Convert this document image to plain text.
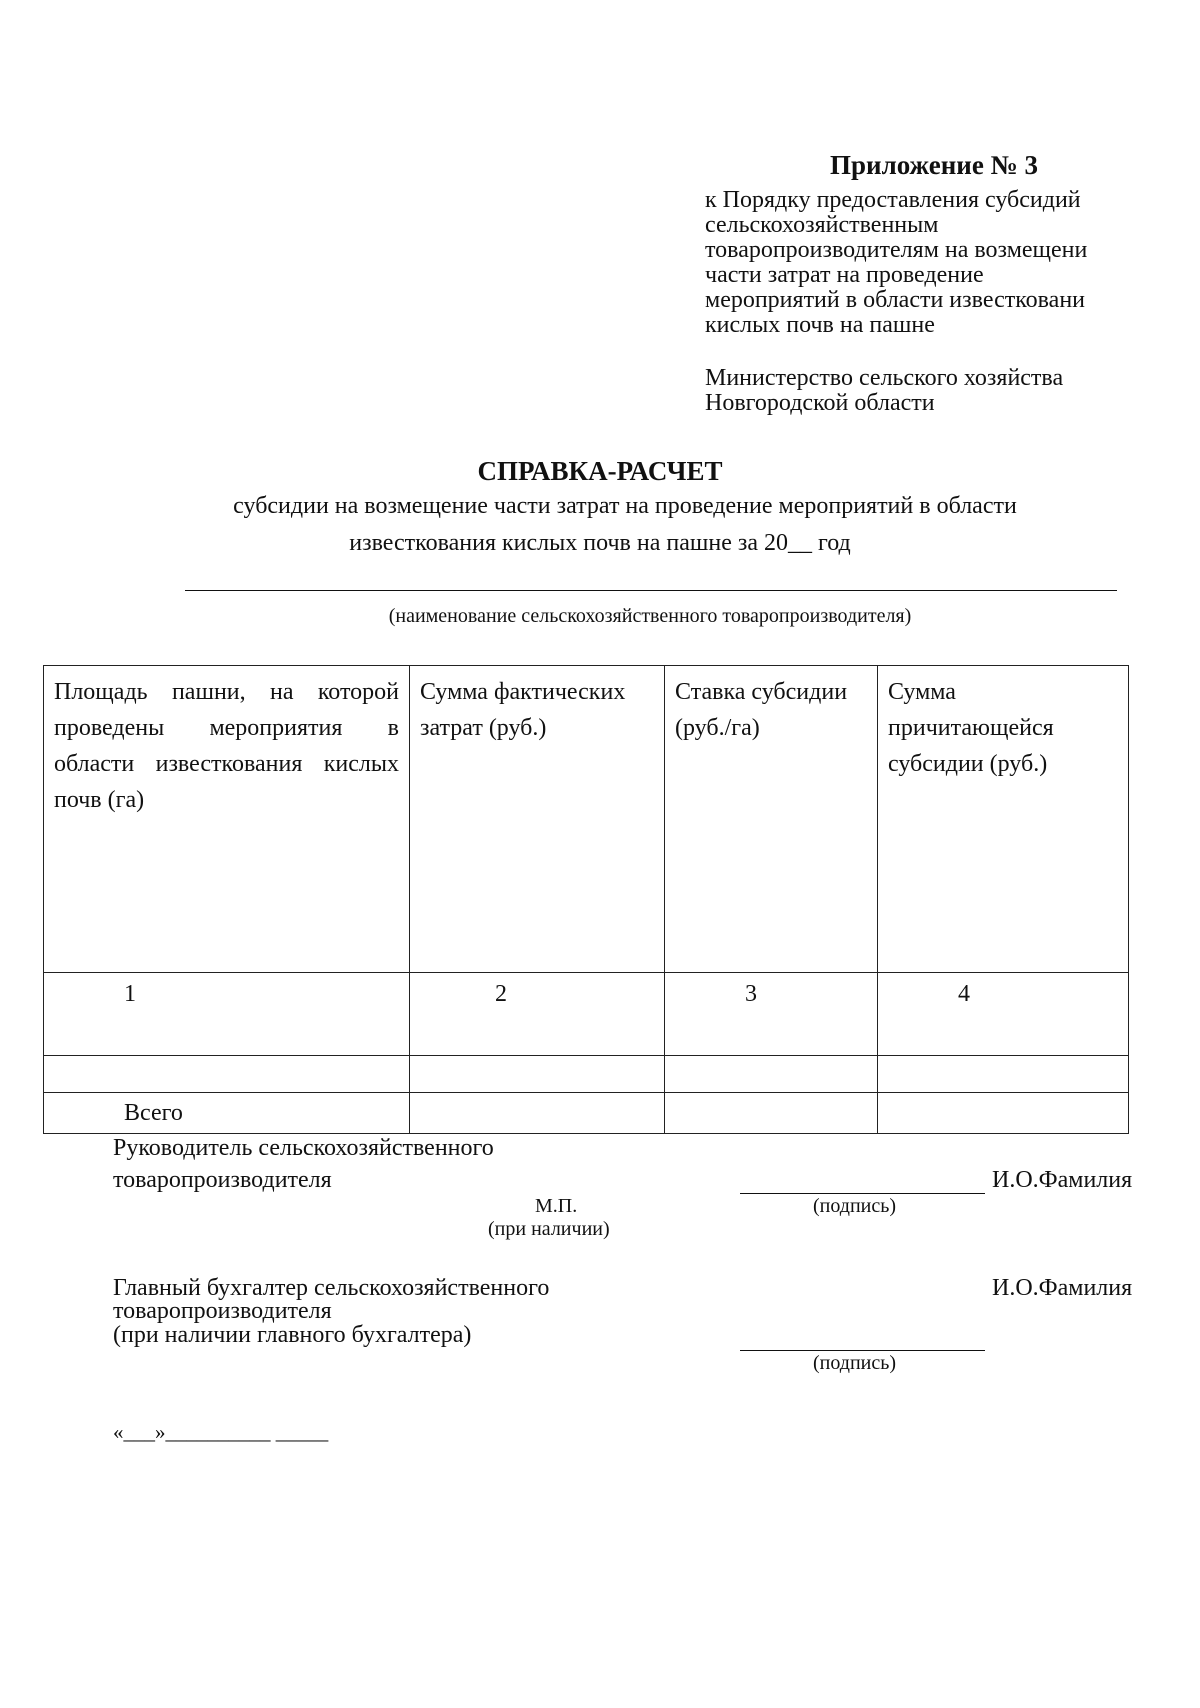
Приложение № 3
к Порядку предоставления субсидий
сельскохозяйственным
товаропроизводителям на возмещени
части затрат на проведение
мероприятий в области известковани
кислых почв на пашне
Министерство сельского хозяйства
Новгородской области
СПРАВКА-РАСЧЕТ
субсидии на возмещение части затрат на проведение мероприятий в области
известкования кислых почв на пашне за 20__ год
(наименование сельскохозяйственного товаропроизводителя)
Площадь пашни, на которой проведены мероприятия в области известкования кислых почв (га)	Сумма фактических затрат (руб.)	Ставка субсидии (руб./га)	Сумма причитающейся субсидии (руб.)
1	2	3	4

Всего			
Руководитель сельскохозяйственного
товаропроизводителя	И.О.Фамилия
(подпись)
М.П.
(при наличии)
Главный бухгалтер сельскохозяйственного	И.О.Фамилия
товаропроизводителя
(при наличии главного бухгалтера)
(подпись)
«___»__________ _____
